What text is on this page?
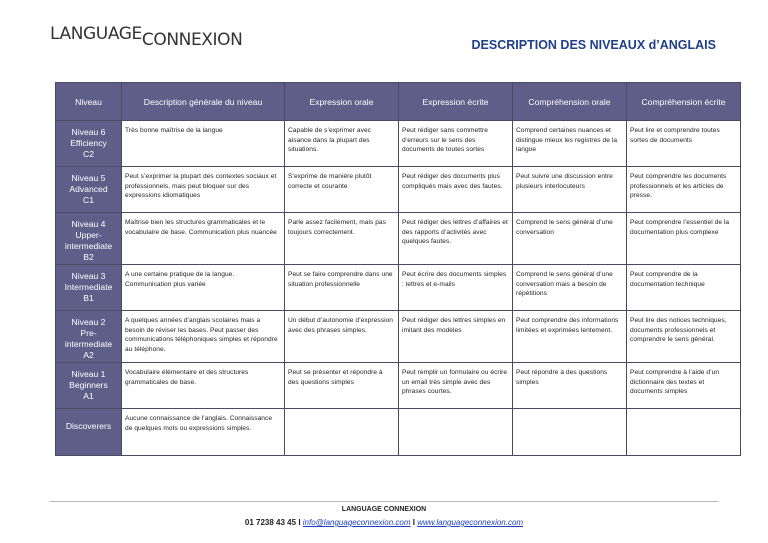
LANGUAGECONNEXION	DESCRIPTION DES NIVEAUX d’ANGLAIS
Niveau	Description générale du niveau	Expression orale	Expression écrite	Compréhension orale	Compréhension écrite

Niveau 6
Efficiency
C2	Très bonne maîtrise de la langue	Capable de s’exprimer avec aisance dans la plupart des situations.	Peut rédiger sans commettre d’erreurs sur le sens des documents de toutes sortes	Comprend certaines nuances et distingue mieux les registres de la langue	Peut lire et comprendre toutes sortes de documents

Niveau 5
Advanced
C1	Peut s’exprimer la plupart des contextes sociaux et professionnels, mais peut bloquer sur des expressions idiomatiques	S’exprime de manière plutôt correcte et courante	Peut rédiger des documents plus compliqués mais avec des fautes.	Peut suivre une discussion entre plusieurs interlocuteurs	Peut comprendre les documents professionnels et les articles de presse.

Niveau 4
Upper-intermediate
B2	Maîtrise bien les structures grammaticales et le vocabulaire de base. Communication plus nuancée	Parle assez facilement, mais pas toujours correctement.	Peut rédiger des lettres d’affaires et des rapports d’activités avec quelques fautes.	Comprend le sens général d’une conversation	Peut comprendre l’essentiel de la documentation plus complexe

Niveau 3
Intermediate
B1	A une certaine pratique de la langue. Communication plus variée	Peut se faire comprendre dans une situation professionnelle	Peut écrire des documents simples : lettres et e-mails	Comprend le sens général d’une conversation mais a besoin de répétitions	Peut comprendre de la documentation technique

Niveau 2
Pre-intermediate
A2	A quelques années d’anglais scolaires mais a besoin de réviser les bases. Peut passer des communications téléphoniques simples et répondre au téléphone.	Un début d’autonomie d’expression avec des phrases simples.	Peut rédiger des lettres simples en imitant des modèles	Peut comprendre des informations limitées et exprimées lentement.	Peut lire des notices techniques, documents professionnels et comprendre le sens général.

Niveau 1
Beginners
A1	Vocabulaire élémentaire et des structures grammaticales de base.	Peut se présenter et répondre à des questions simples	Peut remplir un formulaire ou écrire un email très simple avec des phrases courtes.	Peut répondre à des questions simples	Peut comprendre à l’aide d’un dictionnaire des textes et documents simples

Discoverers	Aucune connaissance de l’anglais. Connaissance de quelques mots ou expressions simples.				
LANGUAGE CONNEXION
01 7238 43 45 I info@languageconnexion.com I www.languageconnexion.com
